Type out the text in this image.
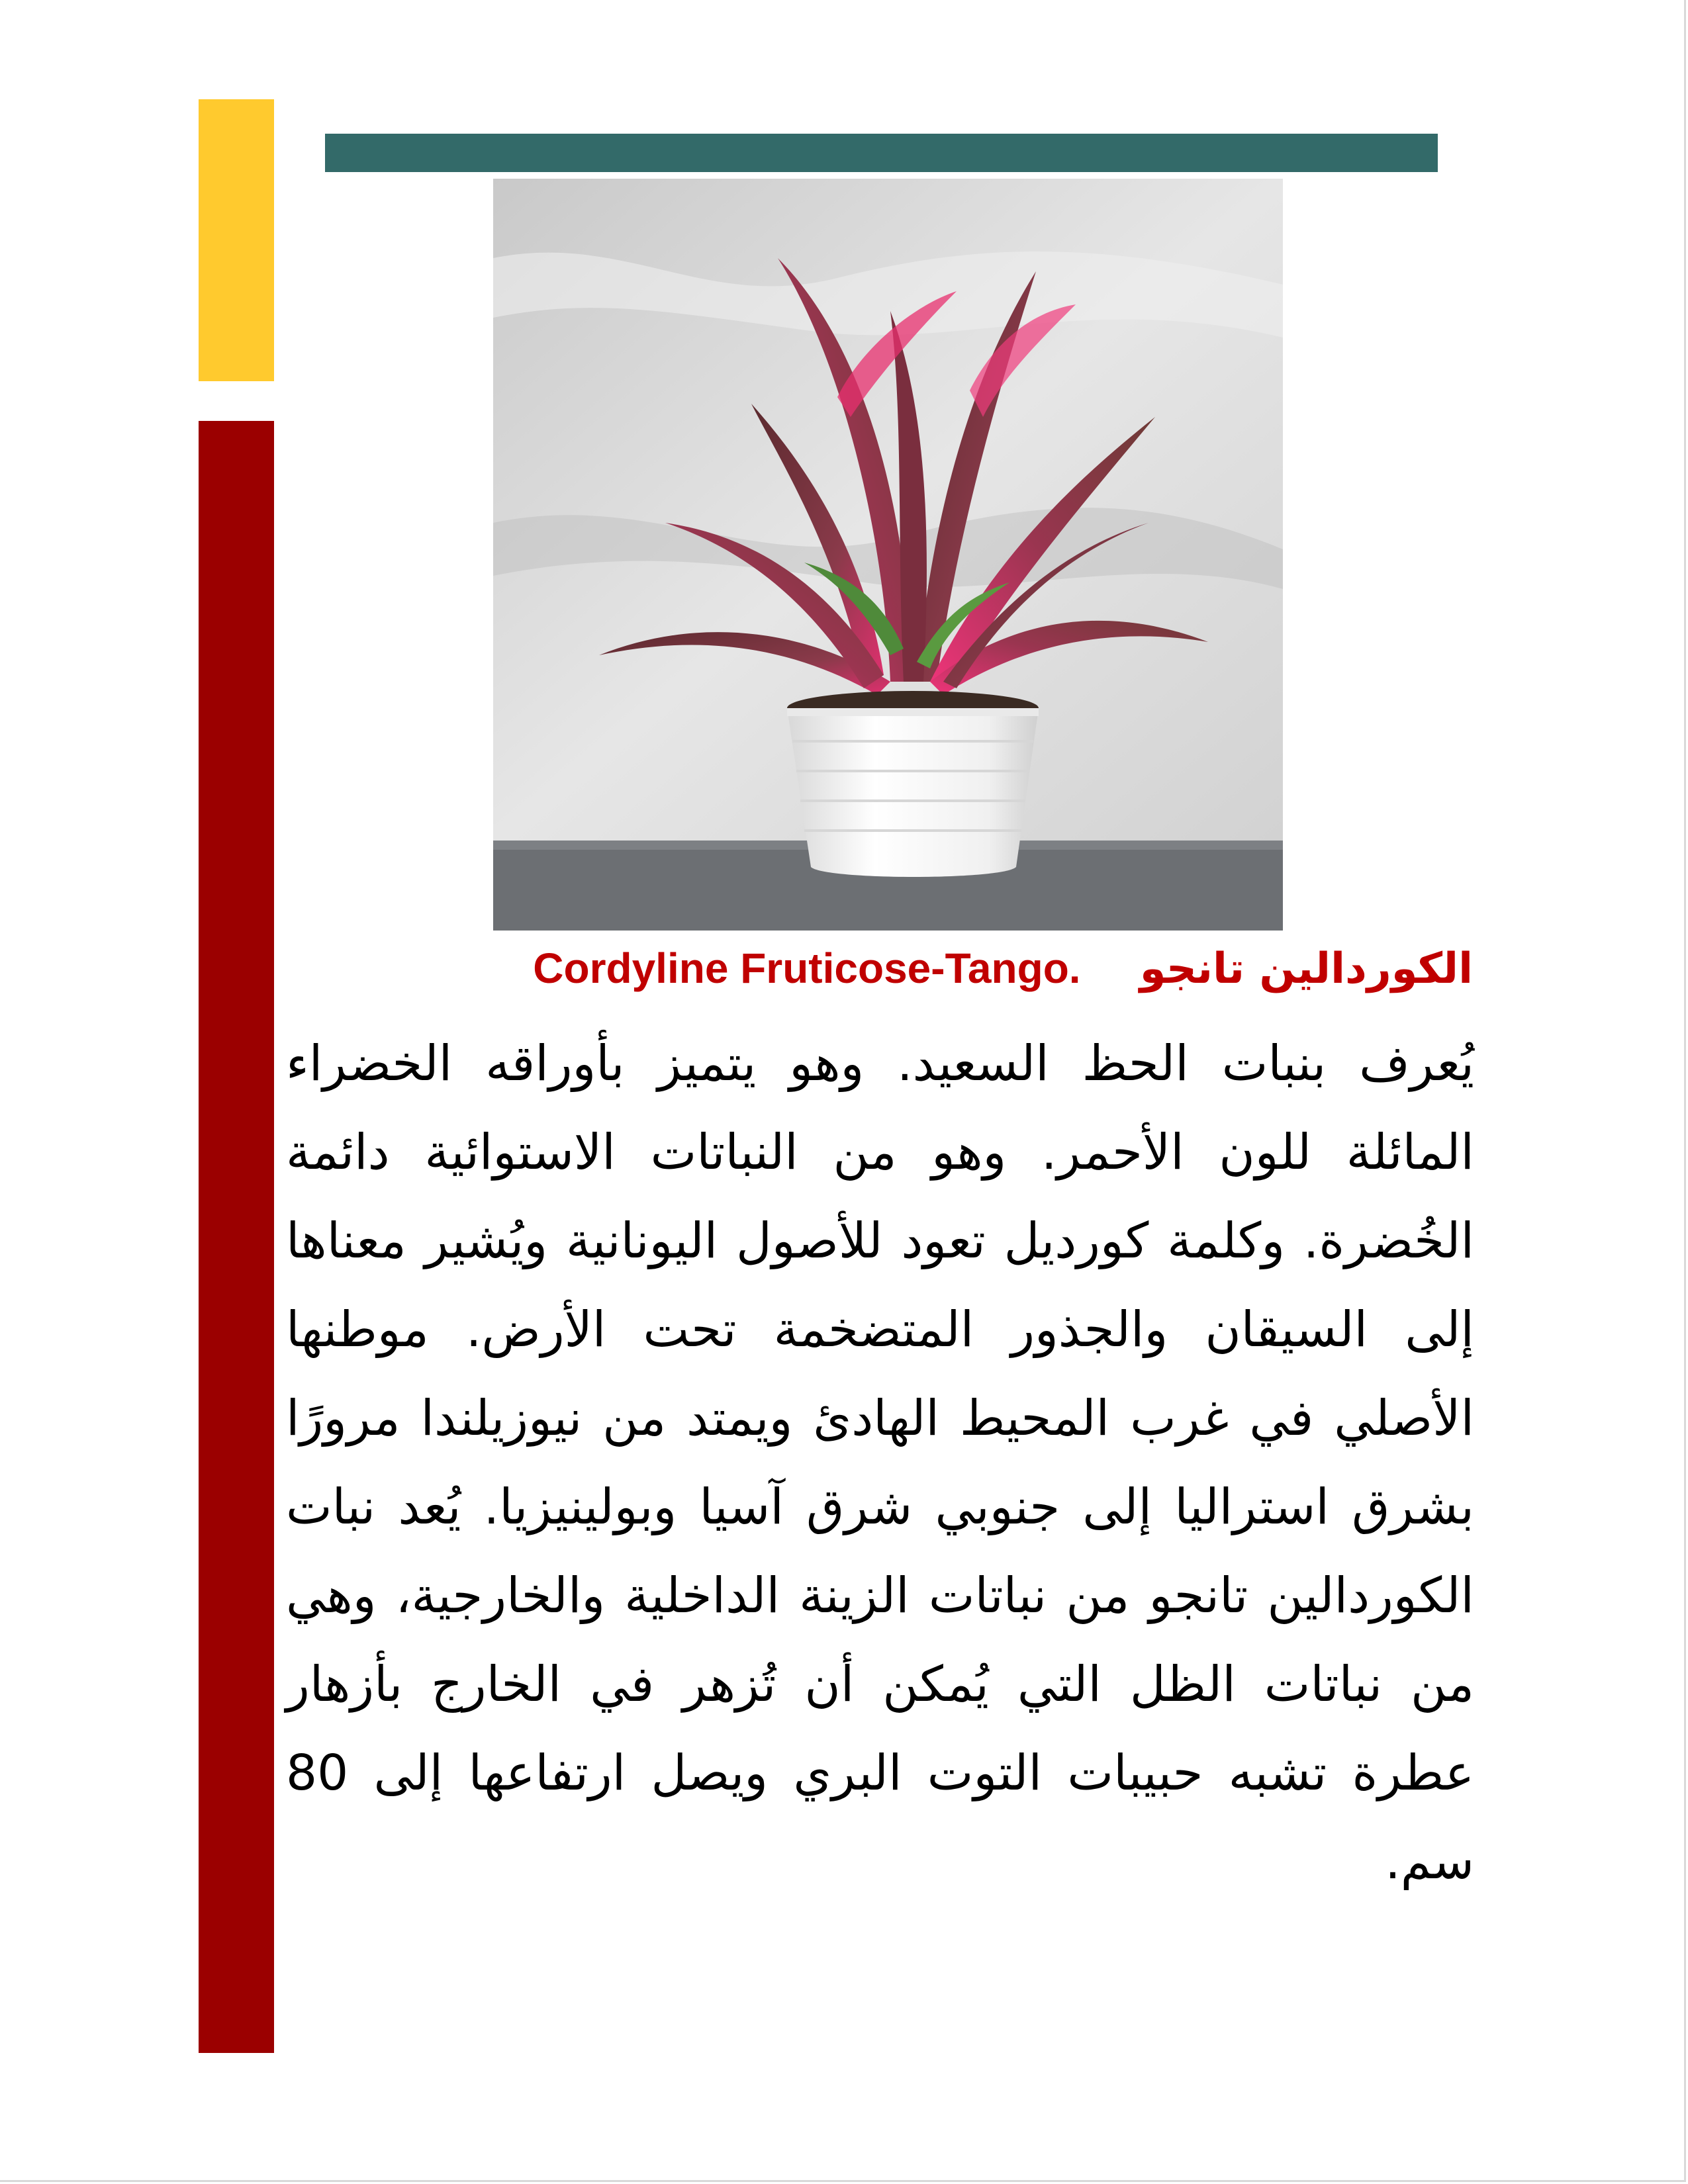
الكوردالين تانجو    Cordyline Fruticose-Tango.
يُعرف بنبات الحظ السعيد. وهو يتميز بأوراقه الخضراء المائلة للون الأحمر. وهو من النباتات الاستوائية دائمة الخُضرة. وكلمة كورديل تعود للأصول اليونانية ويُشير معناها إلى السيقان والجذور المتضخمة تحت الأرض. موطنها الأصلي في غرب المحيط الهادئ ويمتد من نيوزيلندا مرورًا بشرق استراليا إلى جنوبي شرق آسيا وبولينيزيا. يُعد نبات الكوردالين تانجو من نباتات الزينة الداخلية والخارجية، وهي من نباتات الظل التي يُمكن أن تُزهر في الخارج بأزهار عطرة تشبه حبيبات التوت البري ويصل ارتفاعها إلى 80 سم.
